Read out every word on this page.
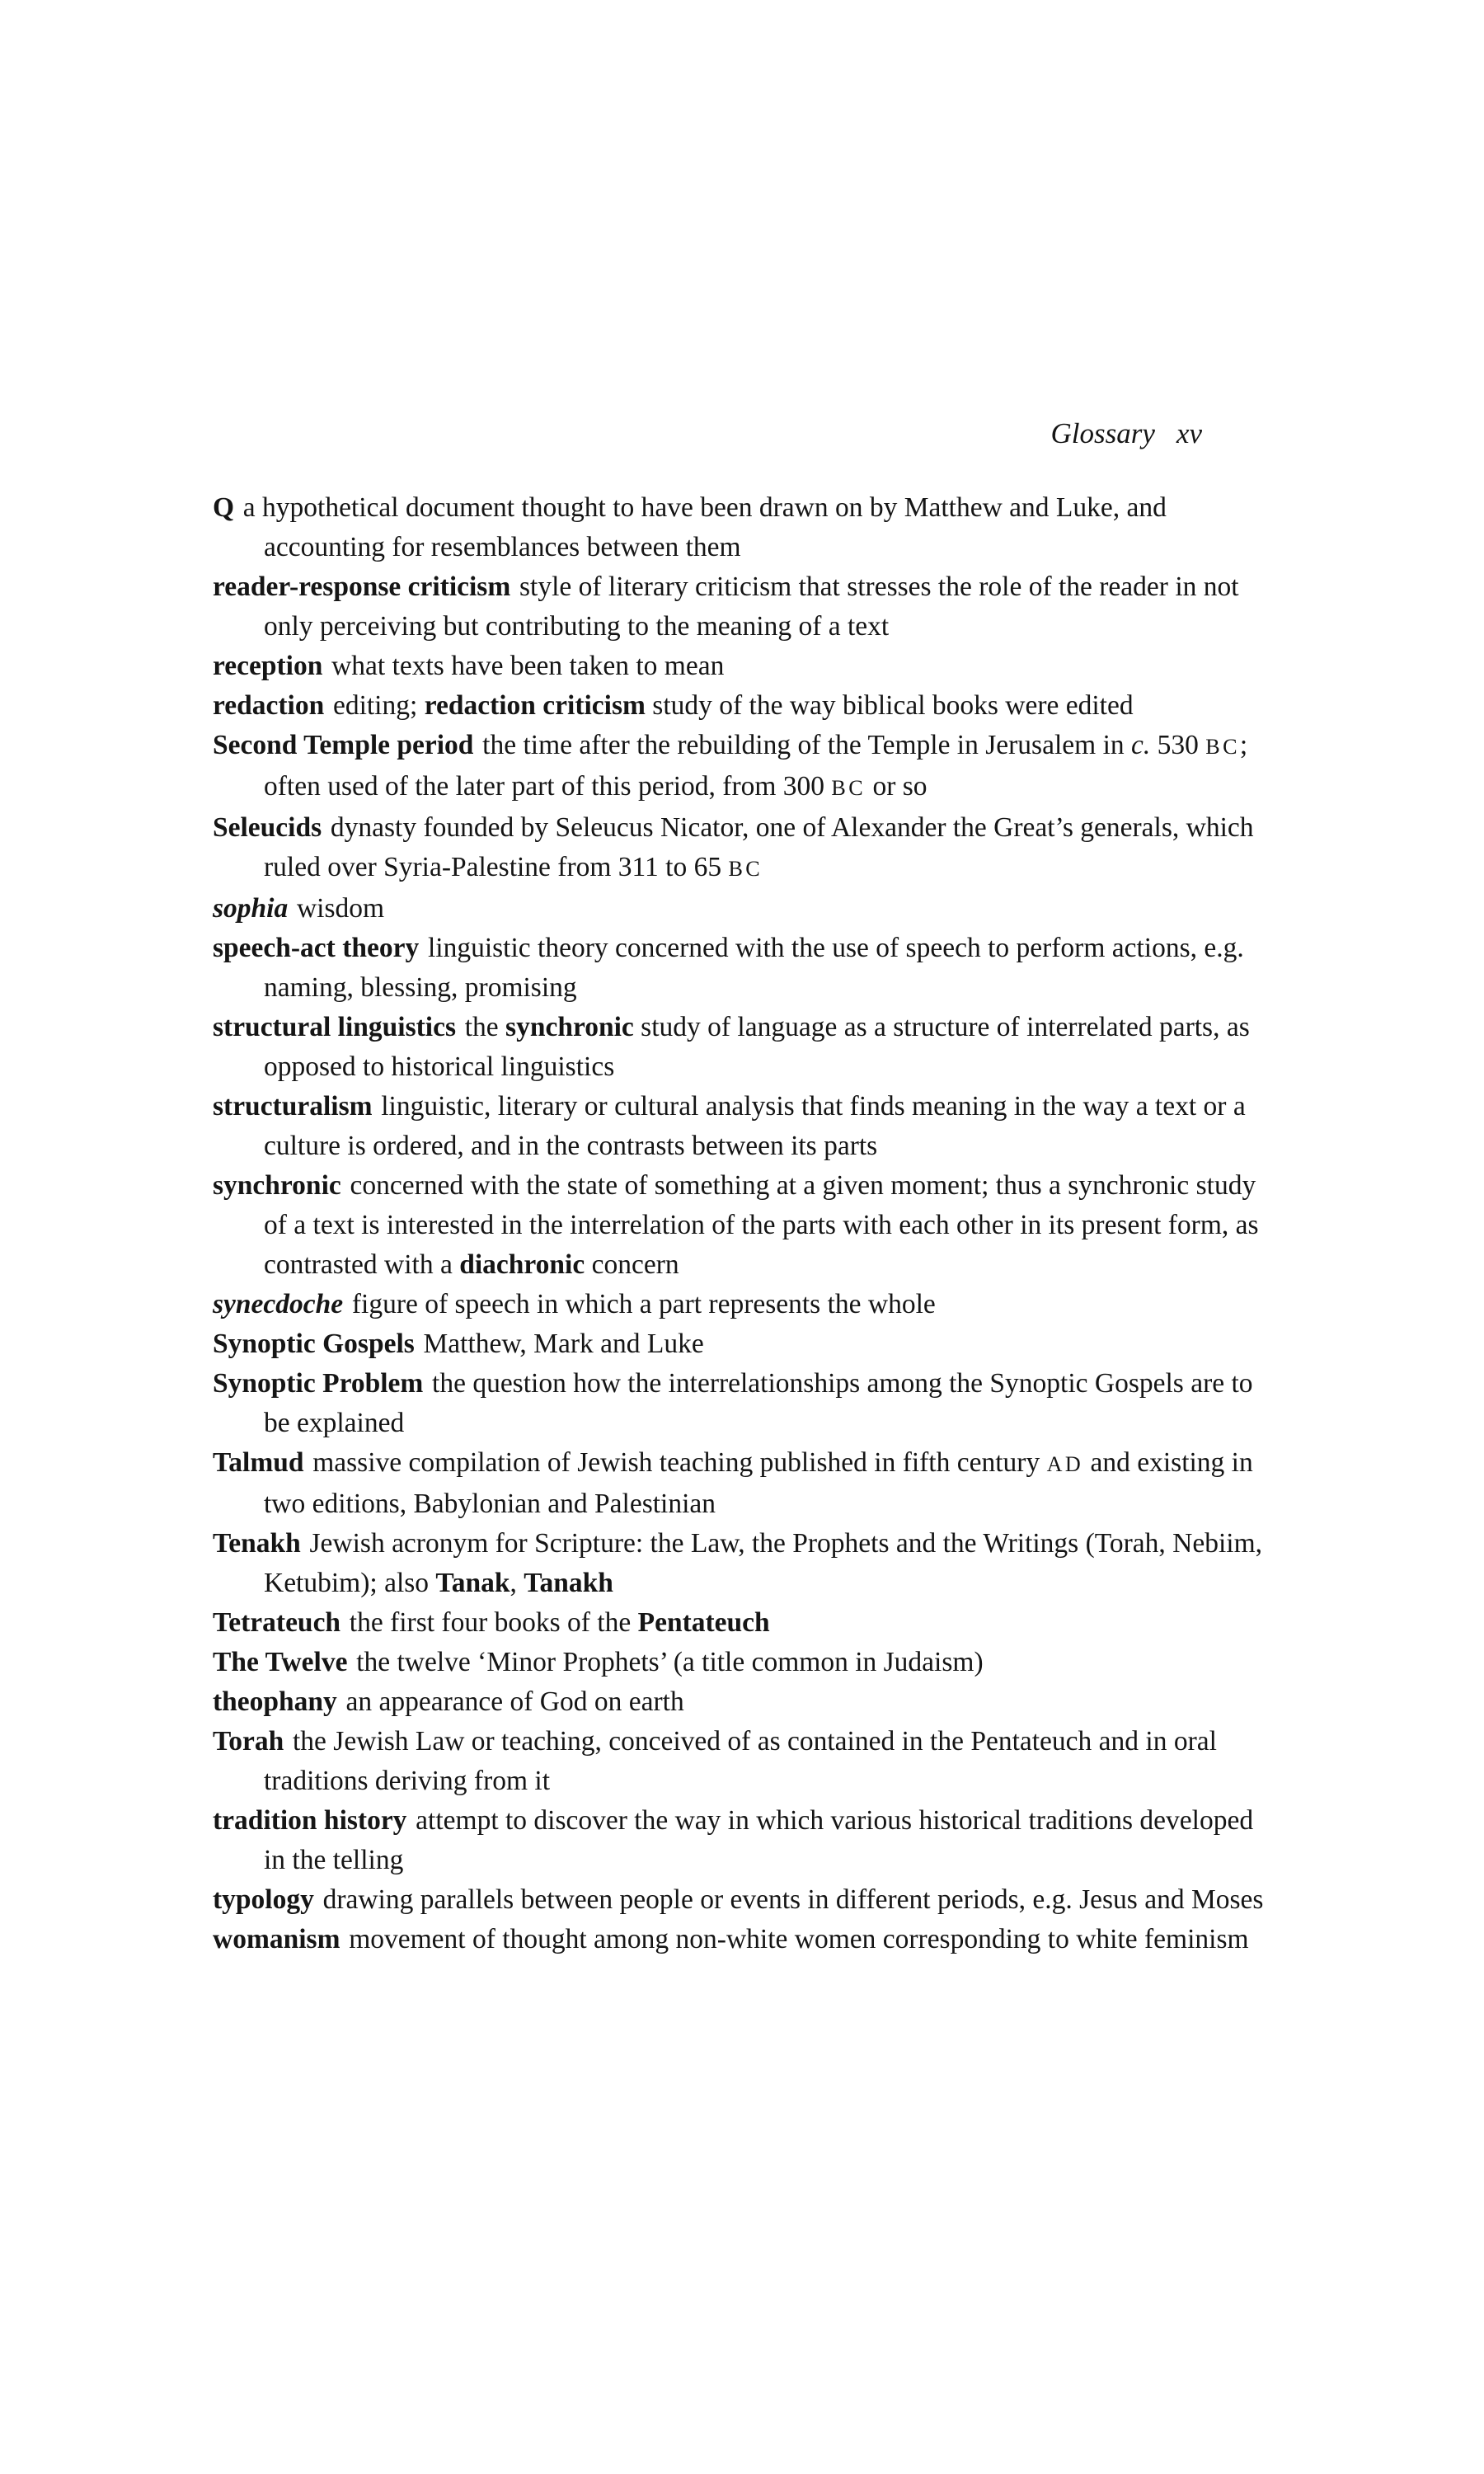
Glossary xv

Q a hypothetical document thought to have been drawn on by Matthew and Luke, and accounting for resemblances between them

reader-response criticism style of literary criticism that stresses the role of the reader in not only perceiving but contributing to the meaning of a text

reception what texts have been taken to mean

redaction editing; redaction criticism study of the way biblical books were edited

Second Temple period the time after the rebuilding of the Temple in Jerusalem in c. 530 BC; often used of the later part of this period, from 300 BC or so

Seleucids dynasty founded by Seleucus Nicator, one of Alexander the Great’s generals, which ruled over Syria-Palestine from 311 to 65 BC

sophia wisdom

speech-act theory linguistic theory concerned with the use of speech to perform actions, e.g. naming, blessing, promising

structural linguistics the synchronic study of language as a structure of interrelated parts, as opposed to historical linguistics

structuralism linguistic, literary or cultural analysis that finds meaning in the way a text or a culture is ordered, and in the contrasts between its parts

synchronic concerned with the state of something at a given moment; thus a synchronic study of a text is interested in the interrelation of the parts with each other in its present form, as contrasted with a diachronic concern

synecdoche figure of speech in which a part represents the whole

Synoptic Gospels Matthew, Mark and Luke

Synoptic Problem the question how the interrelationships among the Synoptic Gospels are to be explained

Talmud massive compilation of Jewish teaching published in fifth century AD and existing in two editions, Babylonian and Palestinian

Tenakh Jewish acronym for Scripture: the Law, the Prophets and the Writings (Torah, Nebiim, Ketubim); also Tanak, Tanakh

Tetrateuch the first four books of the Pentateuch

The Twelve the twelve ‘Minor Prophets’ (a title common in Judaism)

theophany an appearance of God on earth

Torah the Jewish Law or teaching, conceived of as contained in the Pentateuch and in oral traditions deriving from it

tradition history attempt to discover the way in which various historical traditions developed in the telling

typology drawing parallels between people or events in different periods, e.g. Jesus and Moses

womanism movement of thought among non-white women corresponding to white feminism
